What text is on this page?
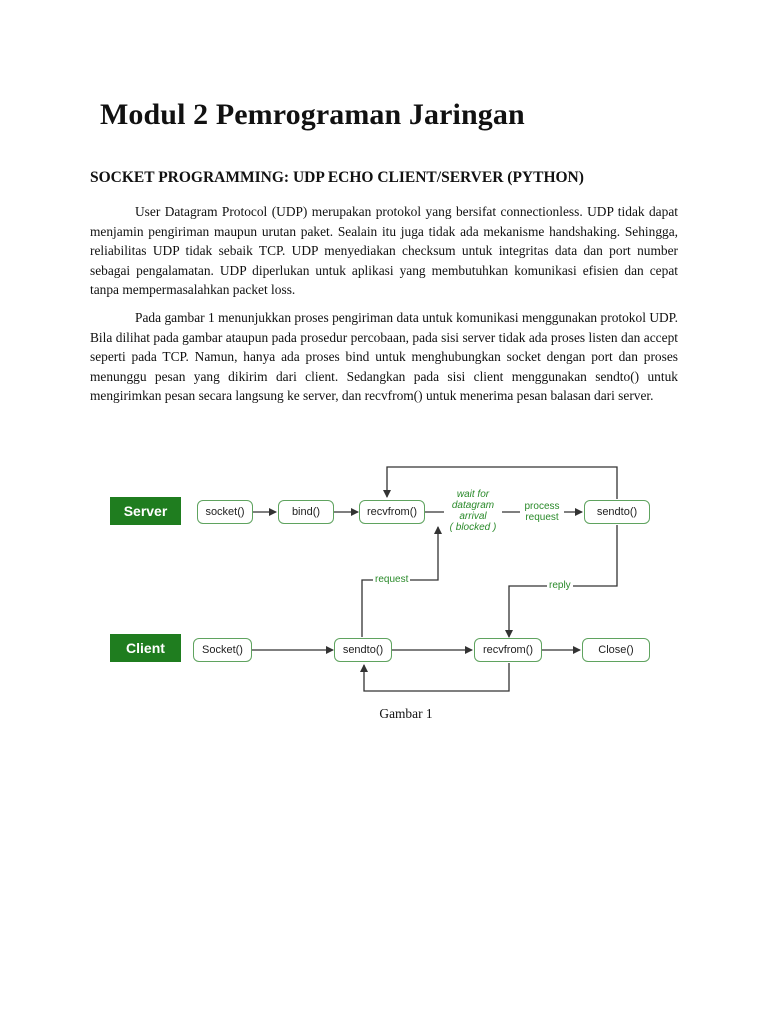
Modul 2 Pemrograman Jaringan
SOCKET PROGRAMMING: UDP ECHO CLIENT/SERVER (PYTHON)

User Datagram Protocol (UDP) merupakan protokol yang bersifat connectionless. UDP tidak dapat menjamin pengiriman maupun urutan paket. Sealain itu juga tidak ada mekanisme handshaking. Sehingga, reliabilitas UDP tidak sebaik TCP. UDP menyediakan checksum untuk integritas data dan port number sebagai pengalamatan. UDP diperlukan untuk aplikasi yang membutuhkan komunikasi efisien dan cepat tanpa mempermasalahkan packet loss.

Pada gambar 1 menunjukkan proses pengiriman data untuk komunikasi menggunakan protokol UDP. Bila dilihat pada gambar ataupun pada prosedur percobaan, pada sisi server tidak ada proses listen dan accept seperti pada TCP. Namun, hanya ada proses bind untuk menghubungkan socket dengan port dan proses menunggu pesan yang dikirim dari client. Sedangkan pada sisi client menggunakan sendto() untuk mengirimkan pesan secara langsung ke server, dan recvfrom() untuk menerima pesan balasan dari server.

Server
Client
socket()	bind()	recvfrom()	sendto()
Socket()	sendto()	recvfrom()	Close()
wait for
datagram
arrival
( blocked )
process
request
request
reply

Gambar 1
